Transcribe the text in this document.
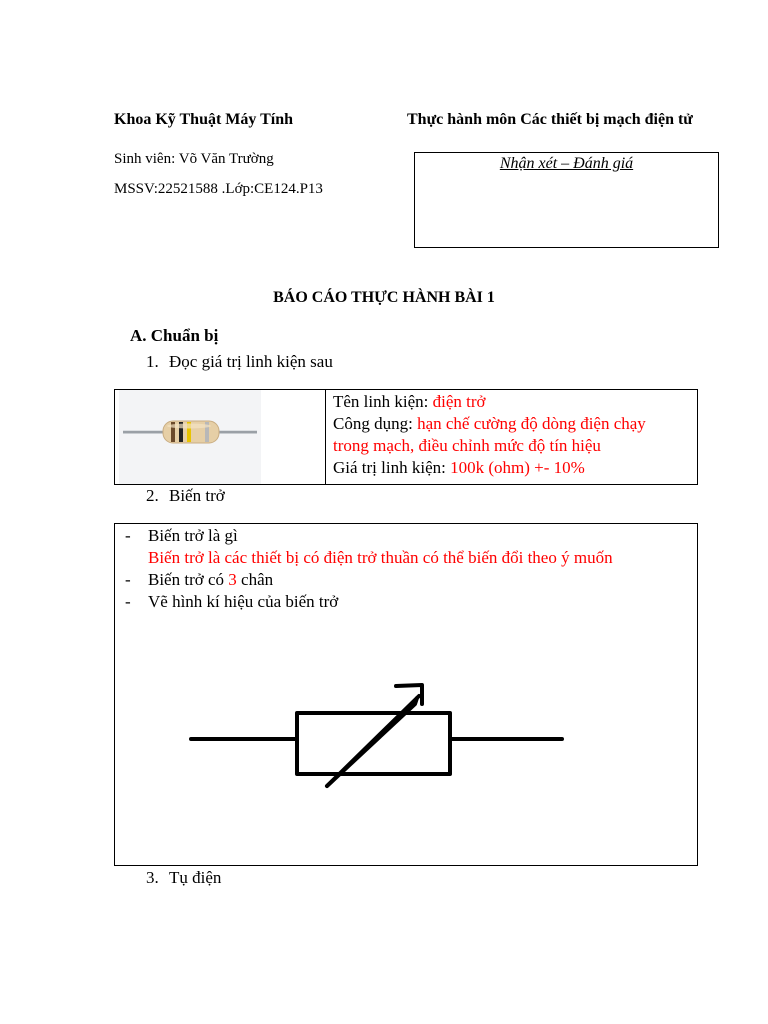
Khoa Kỹ Thuật Máy Tính	Thực hành môn Các thiết bị mạch điện tử
Sinh viên: Võ Văn Trường
MSSV:22521588 .Lớp:CE124.P13
Nhận xét – Đánh giá
BÁO CÁO THỰC HÀNH BÀI 1
A. Chuẩn bị
1. Đọc giá trị linh kiện sau
Tên linh kiện: điện trở
Công dụng: hạn chế cường độ dòng điện chạy
trong mạch, điều chỉnh mức độ tín hiệu
Giá trị linh kiện: 100k (ohm) +- 10%
2. Biến trở
- Biến trở là gì
Biến trở là các thiết bị có điện trở thuần có thể biến đổi theo ý muốn
- Biến trở có 3 chân
- Vẽ hình kí hiệu của biến trở
3. Tụ điện
